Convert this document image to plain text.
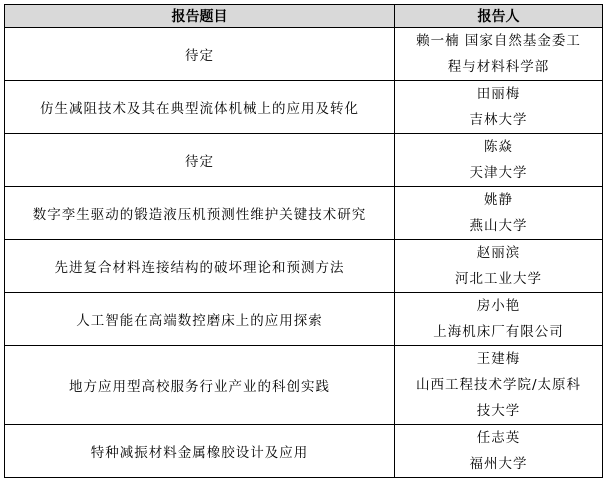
报告题目	报告人
待定	赖一楠 国家自然基金委工
程与材料科学部

仿生减阻技术及其在典型流体机械上的应用及转化	田丽梅
吉林大学

待定	陈焱
天津大学

数字孪生驱动的锻造液压机预测性维护关键技术研究	姚静
燕山大学

先进复合材料连接结构的破坏理论和预测方法	赵丽滨
河北工业大学

人工智能在高端数控磨床上的应用探索	房小艳
上海机床厂有限公司

地方应用型高校服务行业产业的科创实践	王建梅
山西工程技术学院/太原科
技大学

特种减振材料金属橡胶设计及应用	任志英
福州大学
